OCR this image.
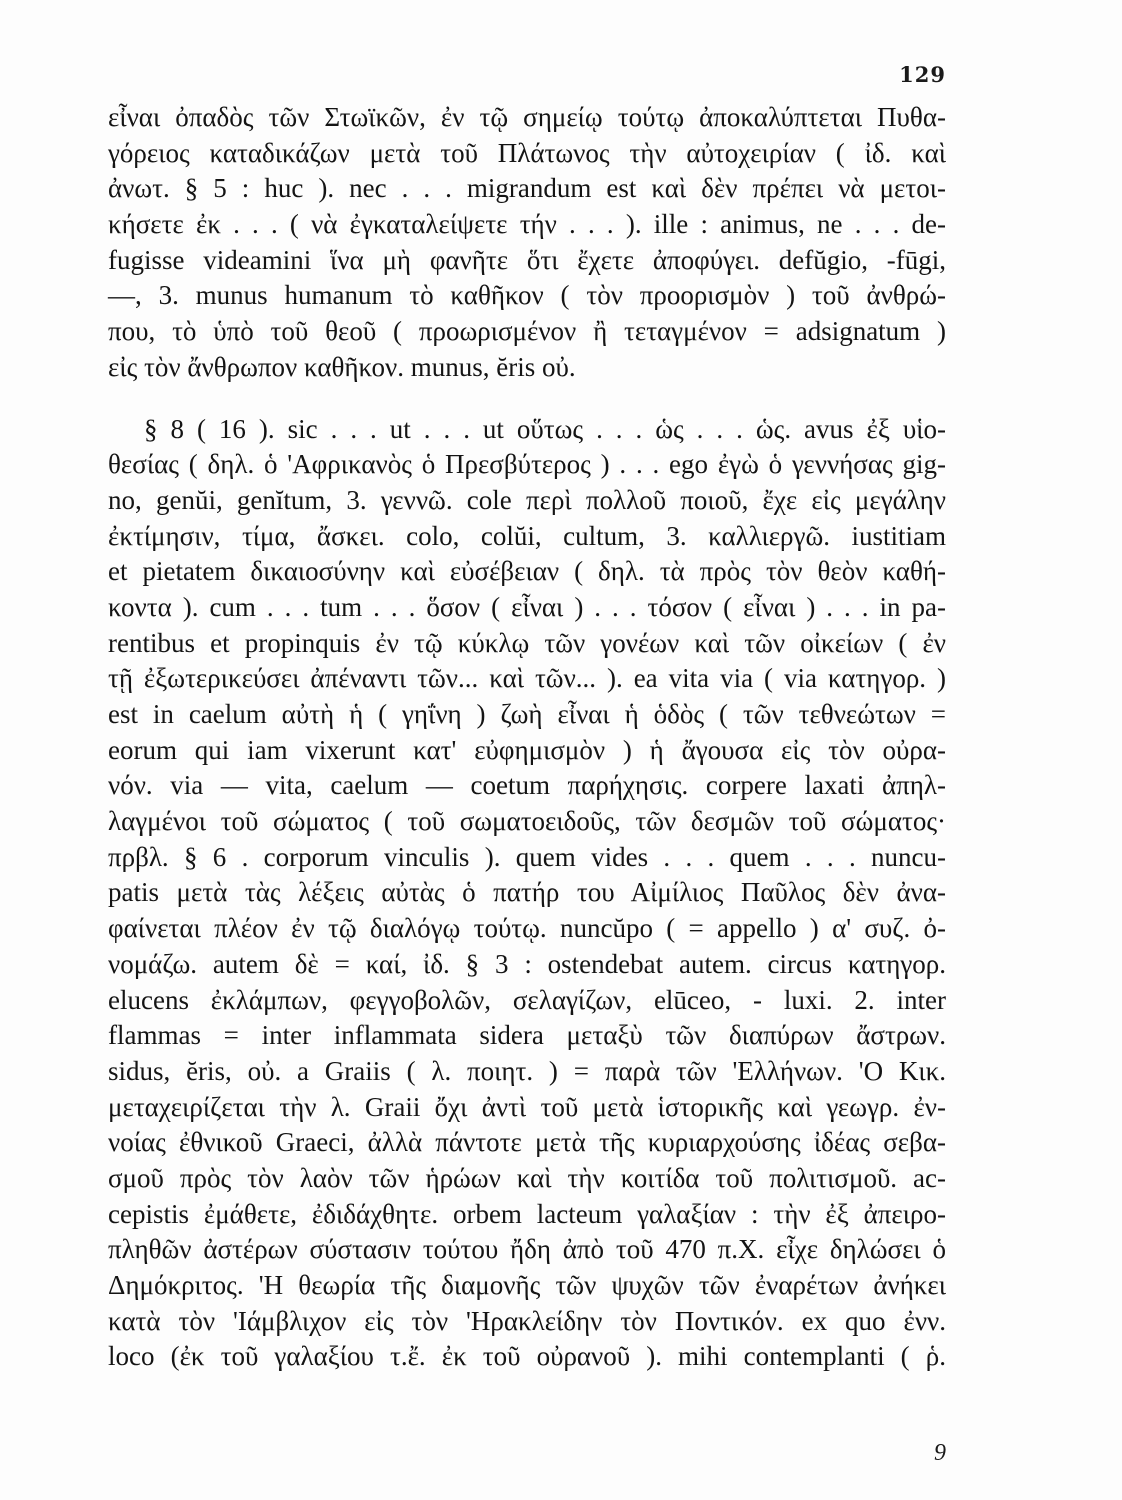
129
εἶναι ὀπαδὸς τῶν Στωϊκῶν, ἐν τῷ σημείῳ τούτῳ ἀποκαλύπτεται Πυθα-
γόρειος καταδικάζων μετὰ τοῦ Πλάτωνος τὴν αὐτοχειρίαν ( ἰδ. καὶ
ἀνωτ. § 5 : huc ). nec . . . migrandum est καὶ δὲν πρέπει νὰ μετοι-
κήσετε ἐκ . . . ( νὰ ἐγκαταλείψετε τήν . . . ). ille : animus, ne . . . de-
fugisse videamini ἵνα μὴ φανῆτε ὅτι ἔχετε ἀποφύγει. defŭgio, -fūgi,
—, 3. munus humanum τὸ καθῆκον ( τὸν προορισμὸν ) τοῦ ἀνθρώ-
που, τὸ ὑπὸ τοῦ θεοῦ ( προωρισμένον ἢ τεταγμένον = adsignatum )
εἰς τὸν ἄνθρωπον καθῆκον. munus, ĕris οὐ.
§ 8 ( 16 ). sic . . . ut . . . ut οὕτως . . . ὡς . . . ὡς. avus ἐξ υἱο-
θεσίας ( δηλ. ὁ 'Αφρικανὸς ὁ Πρεσβύτερος ) . . . ego ἐγὼ ὁ γεννήσας gig-
no, genŭi, genĭtum, 3. γεννῶ. cole περὶ πολλοῦ ποιοῦ, ἔχε εἰς μεγάλην
ἐκτίμησιν, τίμα, ἄσκει. colo, colŭi, cultum, 3. καλλιεργῶ. iustitiam
et pietatem δικαιοσύνην καὶ εὐσέβειαν ( δηλ. τὰ πρὸς τὸν θεὸν καθή-
κοντα ). cum . . . tum . . . ὅσον ( εἶναι ) . . . τόσον ( εἶναι ) . . . in pa-
rentibus et propinquis ἐν τῷ κύκλῳ τῶν γονέων καὶ τῶν οἰκείων ( ἐν
τῇ ἐξωτερικεύσει ἀπέναντι τῶν... καὶ τῶν... ). ea vita via ( via κατηγορ. )
est in caelum αὐτὴ ἡ ( γηΐνη ) ζωὴ εἶναι ἡ ὁδὸς ( τῶν τεθνεώτων =
eorum qui iam vixerunt κατ' εὐφημισμὸν ) ἡ ἄγουσα εἰς τὸν οὐρα-
νόν. via — vita, caelum — coetum παρήχησις. corpere laxati ἀπηλ-
λαγμένοι τοῦ σώματος ( τοῦ σωματοειδοῦς, τῶν δεσμῶν τοῦ σώματος·
πρβλ. § 6 . corporum vinculis ). quem vides . . . quem . . . nuncu-
patis μετὰ τὰς λέξεις αὐτὰς ὁ πατήρ του Αἰμίλιος Παῦλος δὲν ἀνα-
φαίνεται πλέον ἐν τῷ διαλόγῳ τούτῳ. nuncŭpo ( = appello ) α' συζ. ὀ-
νομάζω. autem δὲ = καί, ἰδ. § 3 : ostendebat autem. circus κατηγορ.
elucens ἐκλάμπων, φεγγοβολῶν, σελαγίζων, elūceo, - luxi. 2. inter
flammas = inter inflammata sidera μεταξὺ τῶν διαπύρων ἄστρων.
sidus, ĕris, οὐ. a Graiis ( λ. ποιητ. ) = παρὰ τῶν 'Ελλήνων. 'Ο Κικ.
μεταχειρίζεται τὴν λ. Graii ὄχι ἀντὶ τοῦ μετὰ ἱστορικῆς καὶ γεωγρ. ἐν-
νοίας ἐθνικοῦ Graeci, ἀλλὰ πάντοτε μετὰ τῆς κυριαρχούσης ἰδέας σεβα-
σμοῦ πρὸς τὸν λαὸν τῶν ἡρώων καὶ τὴν κοιτίδα τοῦ πολιτισμοῦ. ac-
cepistis ἐμάθετε, ἐδιδάχθητε. orbem lacteum γαλαξίαν : τὴν ἐξ ἀπειρο-
πληθῶν ἀστέρων σύστασιν τούτου ἤδη ἀπὸ τοῦ 470 π.Χ. εἶχε δηλώσει ὁ
Δημόκριτος. 'Η θεωρία τῆς διαμονῆς τῶν ψυχῶν τῶν ἐναρέτων ἀνήκει
κατὰ τὸν 'Ιάμβλιχον εἰς τὸν 'Ηρακλείδην τὸν Ποντικόν. ex quo ἐνν.
loco (ἐκ τοῦ γαλαξίου τ.ἔ. ἐκ τοῦ οὐρανοῦ ). mihi contemplanti ( ῥ.
9
